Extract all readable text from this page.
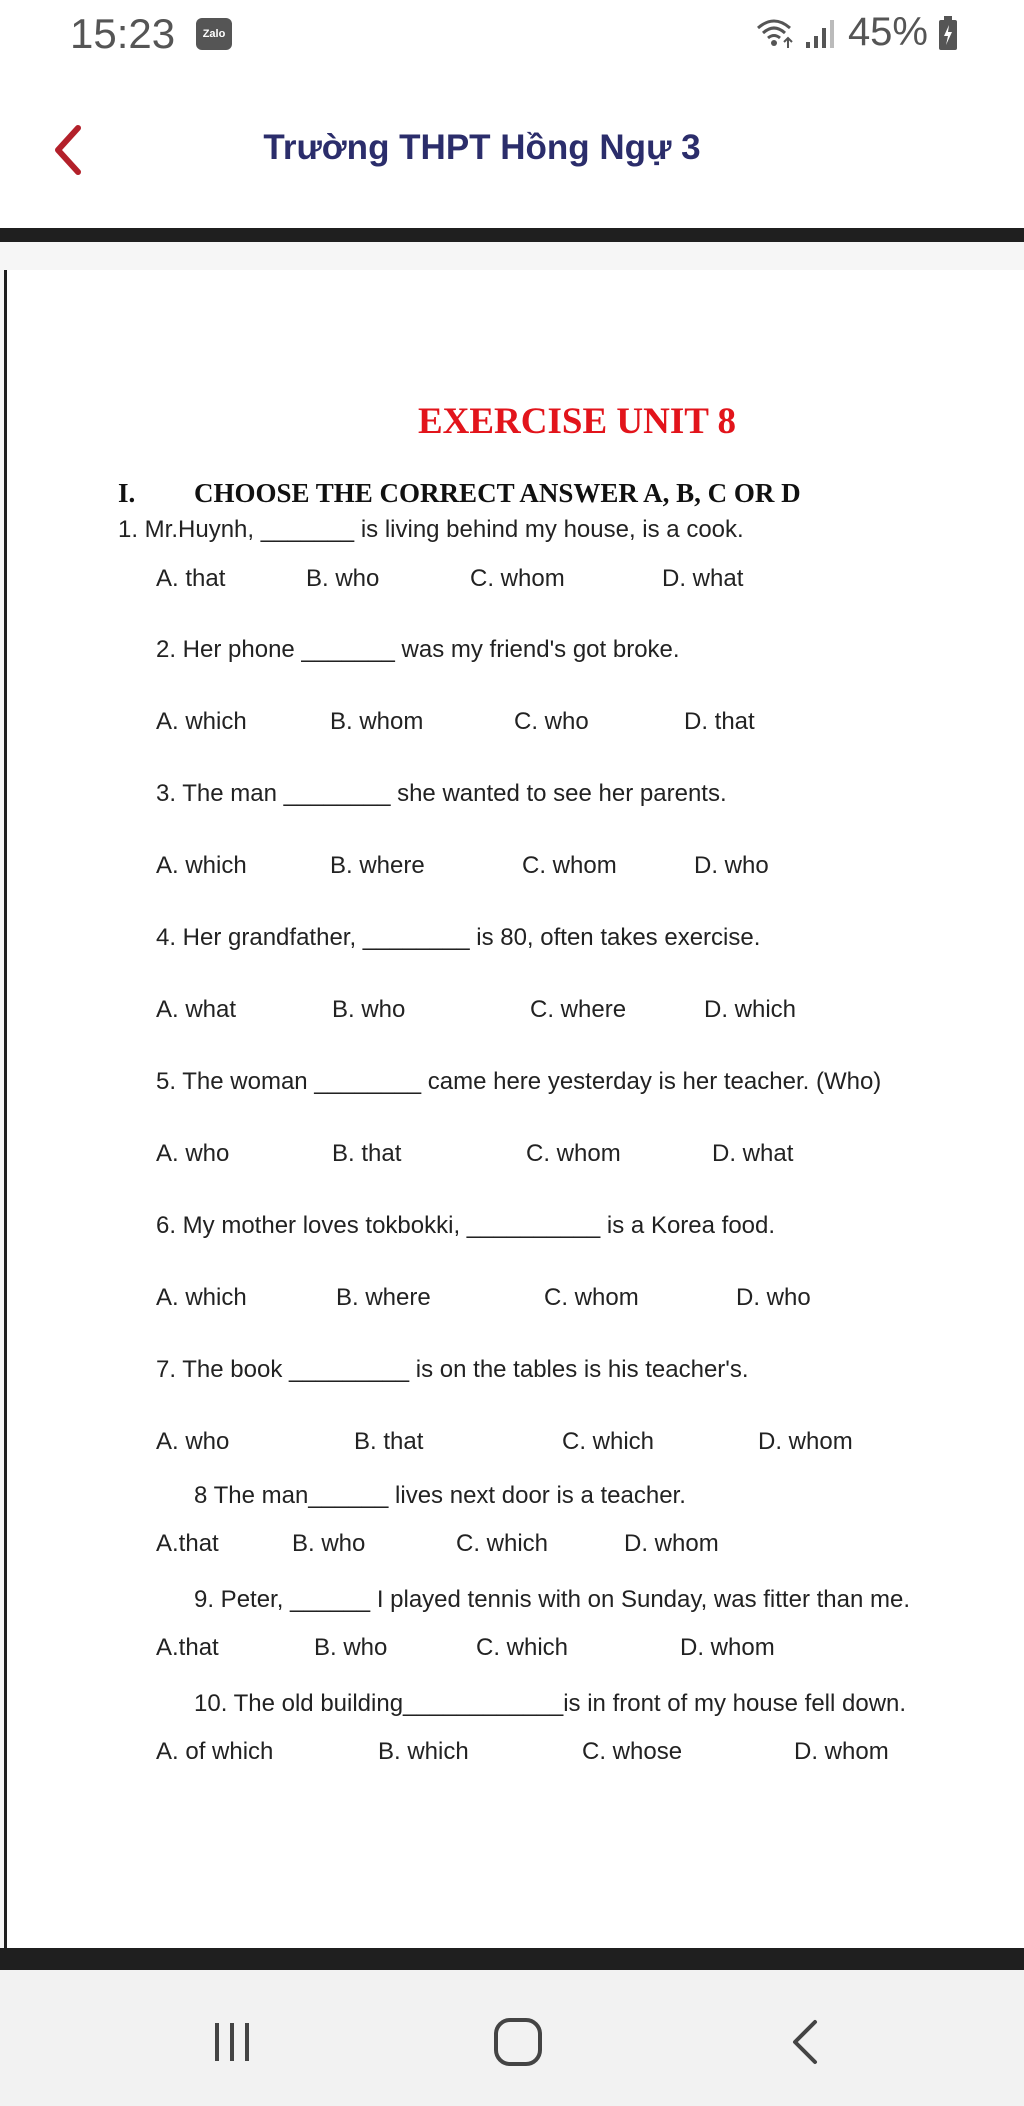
15:23	Zalo	45%
Trường THPT Hồng Ngự 3
EXERCISE UNIT 8
I. CHOOSE THE CORRECT ANSWER A, B, C OR D
1. Mr.Huynh, _______ is living behind my house, is a cook.
A. that	B. who	C. whom	D. what
2. Her phone _______ was my friend's got broke.
A. which	B. whom	C. who	D. that
3. The man ________ she wanted to see her parents.
A. which	B. where	C. whom	D. who
4. Her grandfather, ________ is 80, often takes exercise.
A. what	B. who	C. where	D. which
5. The woman ________ came here yesterday is her teacher. (Who)
A. who	B. that	C. whom	D. what
6. My mother loves tokbokki, __________ is a Korea food.
A. which	B. where	C. whom	D. who
7. The book _________ is on the tables is his teacher's.
A. who	B. that	C. which	D. whom
8 The man______ lives next door is a teacher.
A.that	B. who	C. which	D. whom
9. Peter, ______ I played tennis with on Sunday, was fitter than me.
A.that	B. who	C. which	D. whom
10. The old building____________is in front of my house fell down.
A. of which	B. which	C. whose	D. whom
